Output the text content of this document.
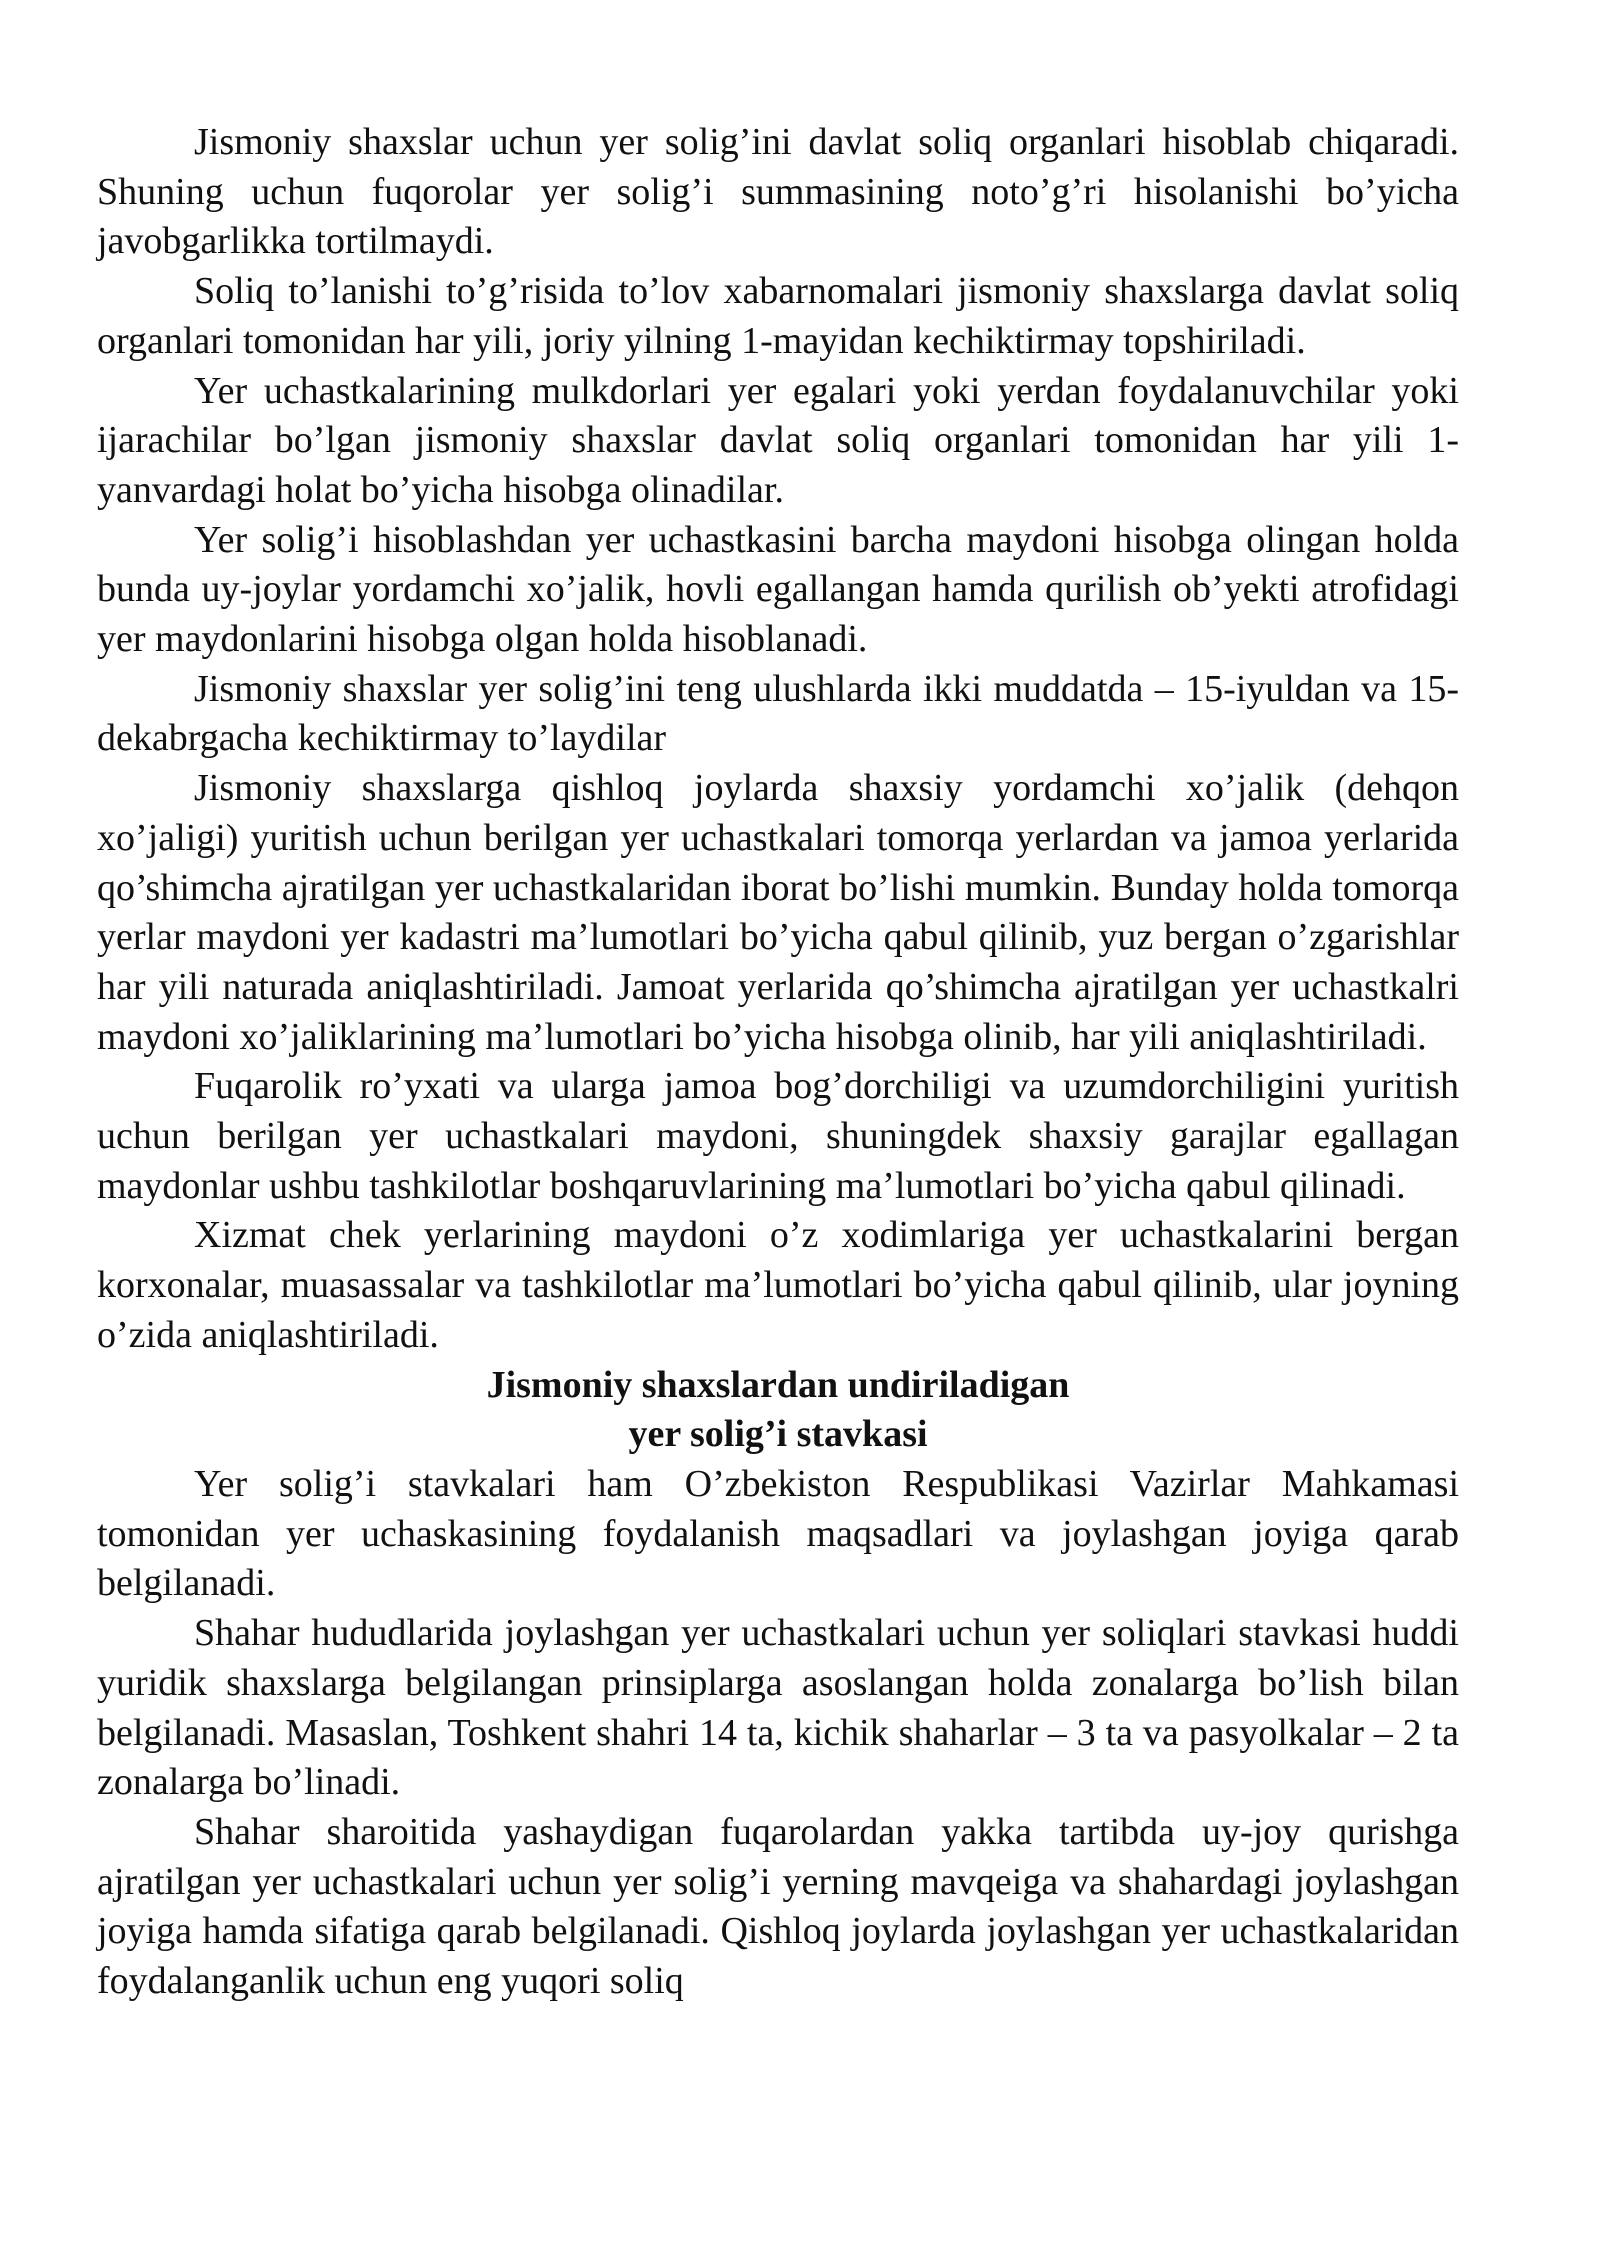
Jismoniy shaxslar uchun yer solig’ini davlat soliq organlari hisoblab chiqaradi. Shuning uchun fuqorolar yer solig’i summasining noto’g’ri hisolanishi bo’yicha javobgarlikka tortilmaydi.

Soliq to’lanishi to’g’risida to’lov xabarnomalari jismoniy shaxslarga davlat soliq organlari tomonidan har yili, joriy yilning 1-mayidan kechiktirmay topshiriladi.

Yer uchastkalarining mulkdorlari yer egalari yoki yerdan foydalanuvchilar yoki ijarachilar bo’lgan jismoniy shaxslar davlat soliq organlari tomonidan har yili 1-yanvardagi holat bo’yicha hisobga olinadilar.

Yer solig’i hisoblashdan yer uchastkasini barcha maydoni hisobga olingan holda bunda uy-joylar yordamchi xo’jalik, hovli egallangan hamda qurilish ob’yekti atrofidagi yer maydonlarini hisobga olgan holda hisoblanadi.

Jismoniy shaxslar yer solig’ini teng ulushlarda ikki muddatda – 15-iyuldan va 15-dekabrgacha kechiktirmay to’laydilar

Jismoniy shaxslarga qishloq joylarda shaxsiy yordamchi xo’jalik (dehqon xo’jaligi) yuritish uchun berilgan yer uchastkalari tomorqa yerlardan va jamoa yerlarida qo’shimcha ajratilgan yer uchastkalaridan iborat bo’lishi mumkin. Bunday holda tomorqa yerlar maydoni yer kadastri ma’lumotlari bo’yicha qabul qilinib, yuz bergan o’zgarishlar har yili naturada aniqlashtiriladi. Jamoat yerlarida qo’shimcha ajratilgan yer uchastkalri maydoni xo’jaliklarining ma’lumotlari bo’yicha hisobga olinib, har yili aniqlashtiriladi.

Fuqarolik ro’yxati va ularga jamoa bog’dorchiligi va uzumdorchiligini yuritish uchun berilgan yer uchastkalari maydoni, shuningdek shaxsiy garajlar egallagan maydonlar ushbu tashkilotlar boshqaruvlarining ma’lumotlari bo’yicha qabul qilinadi.

Xizmat chek yerlarining maydoni o’z xodimlariga yer uchastkalarini bergan korxonalar, muasassalar va tashkilotlar ma’lumotlari bo’yicha qabul qilinib, ular joyning o’zida aniqlashtiriladi.

Jismoniy shaxslardan undiriladigan

yer solig’i stavkasi

Yer solig’i stavkalari ham O’zbekiston Respublikasi Vazirlar Mahkamasi tomonidan yer uchaskasining foydalanish maqsadlari va joylashgan joyiga qarab belgilanadi.

Shahar hududlarida joylashgan yer uchastkalari uchun yer soliqlari stavkasi huddi yuridik shaxslarga belgilangan prinsiplarga asoslangan holda zonalarga bo’lish bilan belgilanadi. Masaslan, Toshkent shahri 14 ta, kichik shaharlar – 3 ta va pasyolkalar – 2 ta zonalarga bo’linadi.

Shahar sharoitida yashaydigan fuqarolardan yakka tartibda uy-joy qurishga ajratilgan yer uchastkalari uchun yer solig’i yerning mavqeiga va shahardagi joylashgan joyiga hamda sifatiga qarab belgilanadi. Qishloq joylarda joylashgan yer uchastkalaridan foydalanganlik uchun eng yuqori soliq
